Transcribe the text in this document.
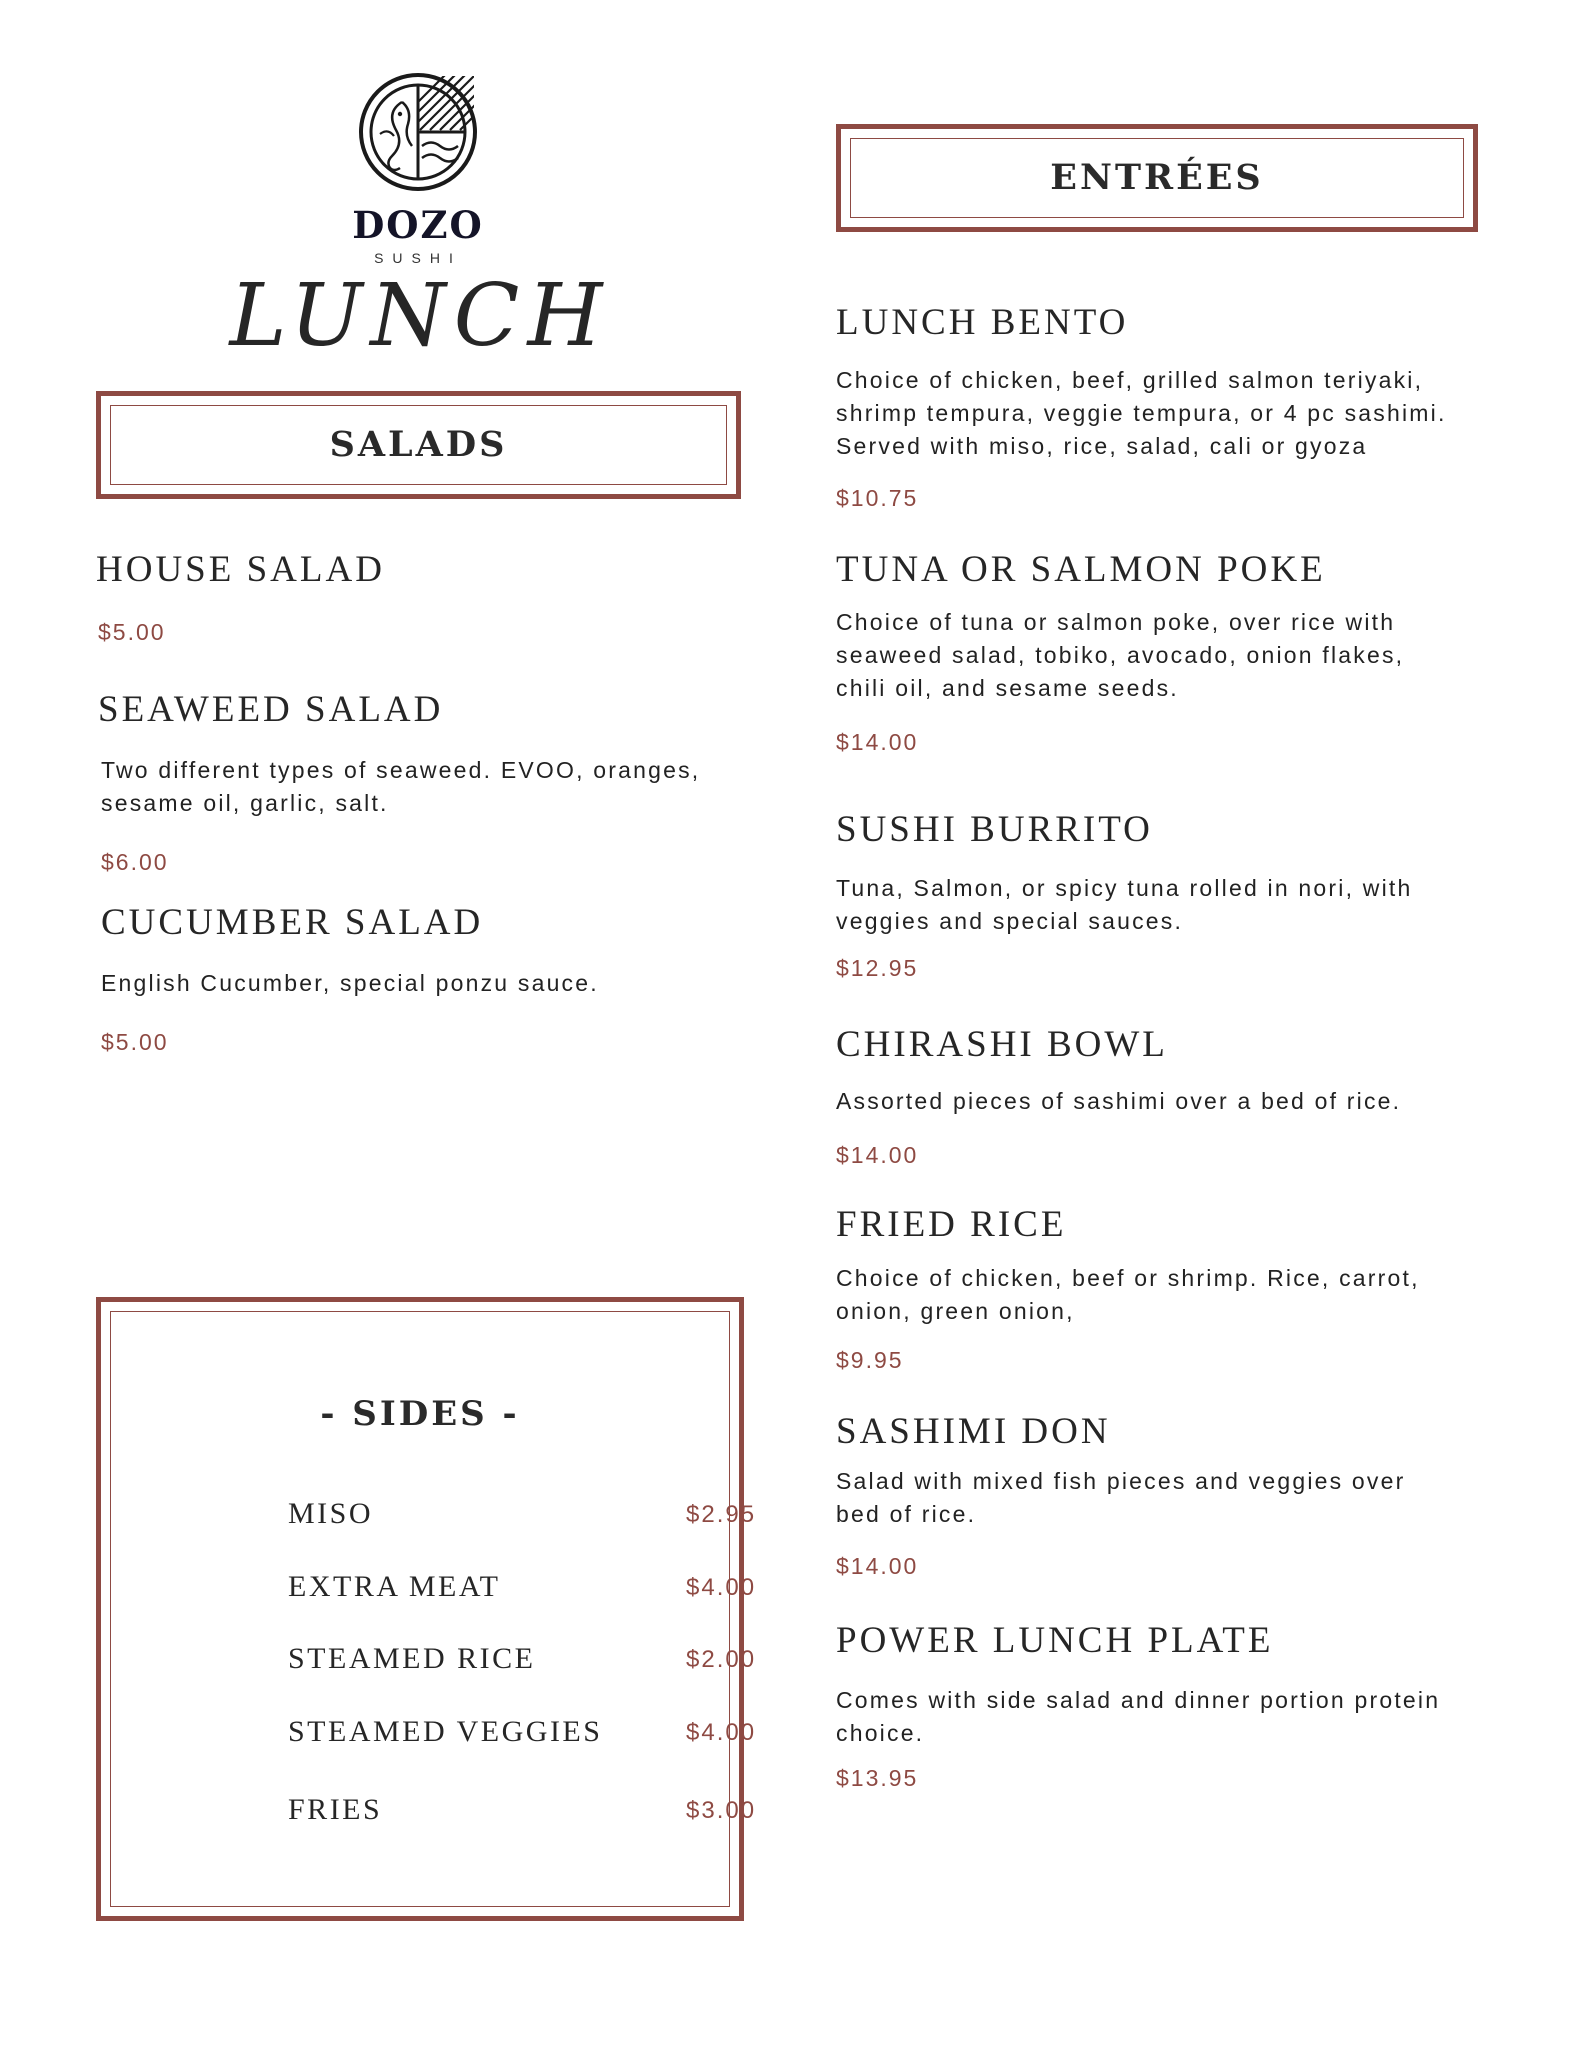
DOZO
SUSHI
LUNCH
SALADS
HOUSE SALAD
$5.00
SEAWEED SALAD
Two different types of seaweed. EVOO, oranges,
sesame oil, garlic, salt.
$6.00
CUCUMBER SALAD
English Cucumber, special ponzu sauce.
$5.00
- SIDES -
MISO	$2.95
EXTRA MEAT	$4.00
STEAMED RICE	$2.00
STEAMED VEGGIES	$4.00
FRIES	$3.00
ENTRÉES
LUNCH BENTO
Choice of chicken, beef, grilled salmon teriyaki,
shrimp tempura, veggie tempura, or 4 pc sashimi.
Served with miso, rice, salad, cali or gyoza
$10.75
TUNA OR SALMON POKE
Choice of tuna or salmon poke, over rice with
seaweed salad, tobiko, avocado, onion flakes,
chili oil, and sesame seeds.
$14.00
SUSHI BURRITO
Tuna, Salmon, or spicy tuna rolled in nori, with
veggies and special sauces.
$12.95
CHIRASHI BOWL
Assorted pieces of sashimi over a bed of rice.
$14.00
FRIED RICE
Choice of chicken, beef or shrimp. Rice, carrot,
onion, green onion,
$9.95
SASHIMI DON
Salad with mixed fish pieces and veggies over
bed of rice.
$14.00
POWER LUNCH PLATE
Comes with side salad and dinner portion protein
choice.
$13.95
